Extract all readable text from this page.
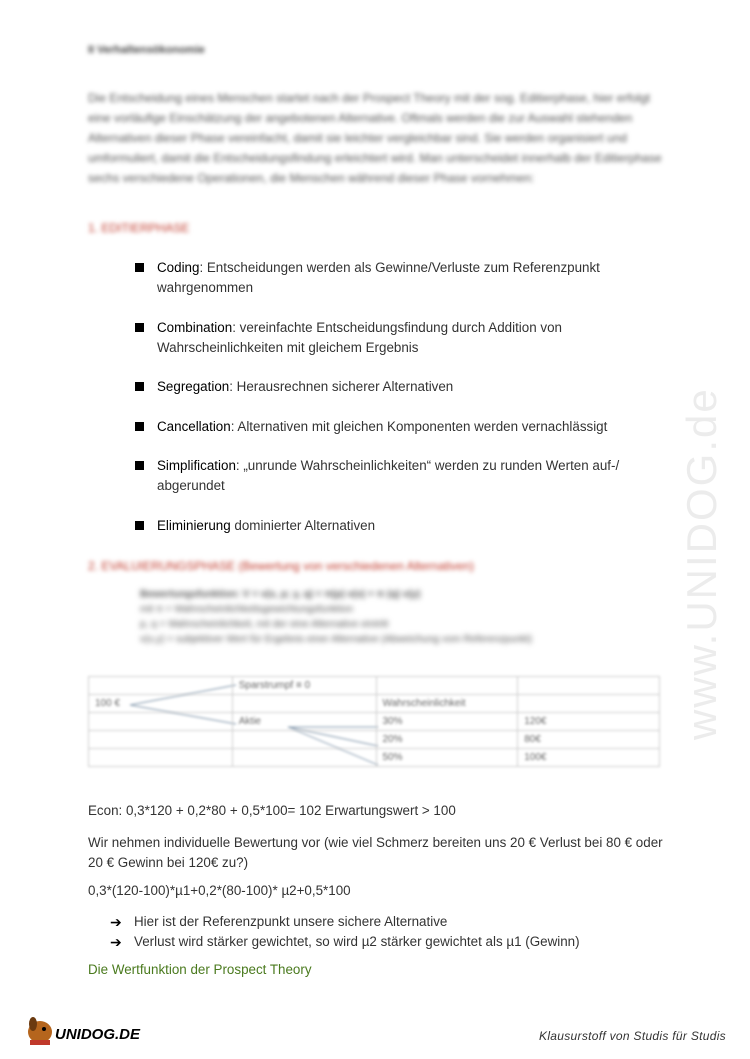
II Verhaltensökonomie
Die Entscheidung eines Menschen startet nach der Prospect Theory mit der sog. Editierphase, hier erfolgt eine vorläufige Einschätzung der angebotenen Alternative. Oftmals werden die zur Auswahl stehenden Alternativen dieser Phase vereinfacht, damit sie leichter vergleichbar sind. Sie werden organisiert und umformuliert, damit die Entscheidungsfindung erleichtert wird. Man unterscheidet innerhalb der Editierphase sechs verschiedene Operationen, die Menschen während dieser Phase vornehmen:
1. EDITIERPHASE
Coding: Entscheidungen werden als Gewinne/Verluste zum Referenzpunkt wahrgenommen
Combination: vereinfachte Entscheidungsfindung durch Addition von Wahrscheinlichkeiten mit gleichem Ergebnis
Segregation: Herausrechnen sicherer Alternativen
Cancellation: Alternativen mit gleichen Komponenten werden vernachlässigt
Simplification: „unrunde Wahrscheinlichkeiten“ werden zu runden Werten auf-/ abgerundet
Eliminierung dominierter Alternativen
2. EVALUIERUNGSPHASE (Bewertung von verschiedenen Alternativen)
Bewertungsfunktion: V = v(x, p; y, q) = π(p) v(x) + π (q) v(y)
mit π = Wahrscheinlichkeitsgewichtungsfunktion
p, q = Wahrscheinlichkeit, mit der eine Alternative eintritt
v(x,y) = subjektiver Wert für Ergebnis einer Alternative (Abweichung vom Referenzpunkt)
	Sparstrumpf ≡ 0		
100 €		Wahrscheinlichkeit	
	Aktie	30%	120€
		20%	80€
		50%	100€
Econ: 0,3*120 + 0,2*80 + 0,5*100= 102 Erwartungswert > 100
Wir nehmen individuelle Bewertung vor (wie viel Schmerz bereiten uns 20 € Verlust bei 80 € oder 20 € Gewinn bei 120€ zu?)
0,3*(120-100)*µ1+0,2*(80-100)* µ2+0,5*100
➔ Hier ist der Referenzpunkt unsere sichere Alternative
➔ Verlust wird stärker gewichtet, so wird µ2 stärker gewichtet als µ1 (Gewinn)
Die Wertfunktion der Prospect Theory
www.UNIDOG.de
UNIDOG.DE	Klausurstoff von Studis für Studis
